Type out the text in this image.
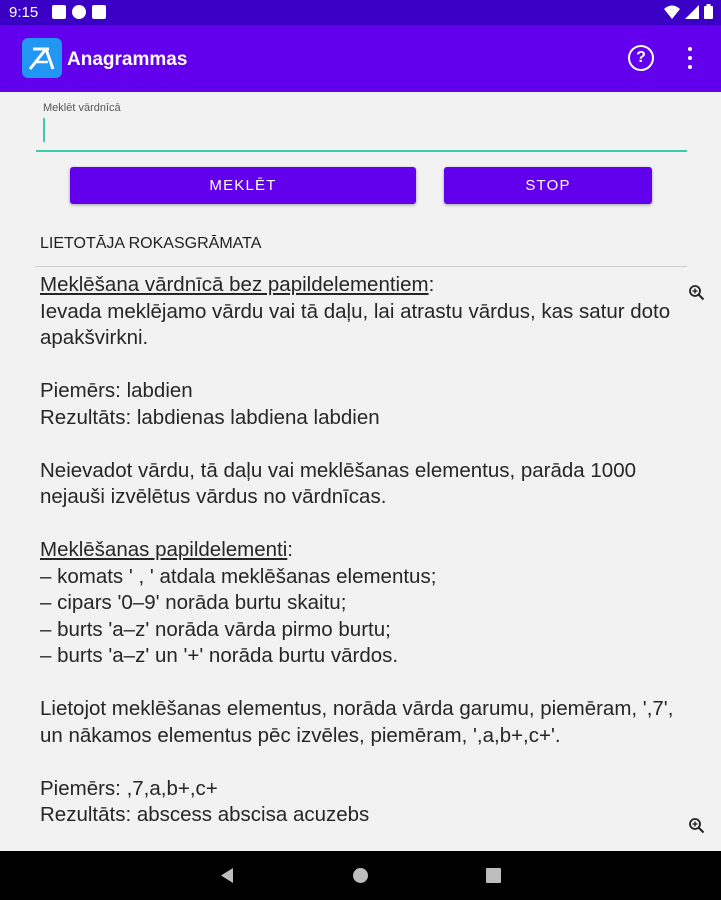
9:15
Anagrammas	?
Meklēt vārdnīcā
MEKLĒT	STOP
LIETOTĀJA ROKASGRĀMATA
Meklēšana vārdnīcā bez papildelementiem:
Ievada meklējamo vārdu vai tā daļu, lai atrastu vārdus, kas satur doto apakšvirkni.
Piemērs: labdien
Rezultāts: labdienas labdiena labdien
Neievadot vārdu, tā daļu vai meklēšanas elementus, parāda 1000 nejauši izvēlētus vārdus no vārdnīcas.
Meklēšanas papildelementi:
– komats ' , ' atdala meklēšanas elementus;
– cipars '0–9' norāda burtu skaitu;
– burts 'a–z' norāda vārda pirmo burtu;
– burts 'a–z' un '+' norāda burtu vārdos.
Lietojot meklēšanas elementus, norāda vārda garumu, piemēram, ',7', un nākamos elementus pēc izvēles, piemēram, ',a,b+,c+'.
Piemērs: ,7,a,b+,c+
Rezultāts: abscess abscisa acuzebs
